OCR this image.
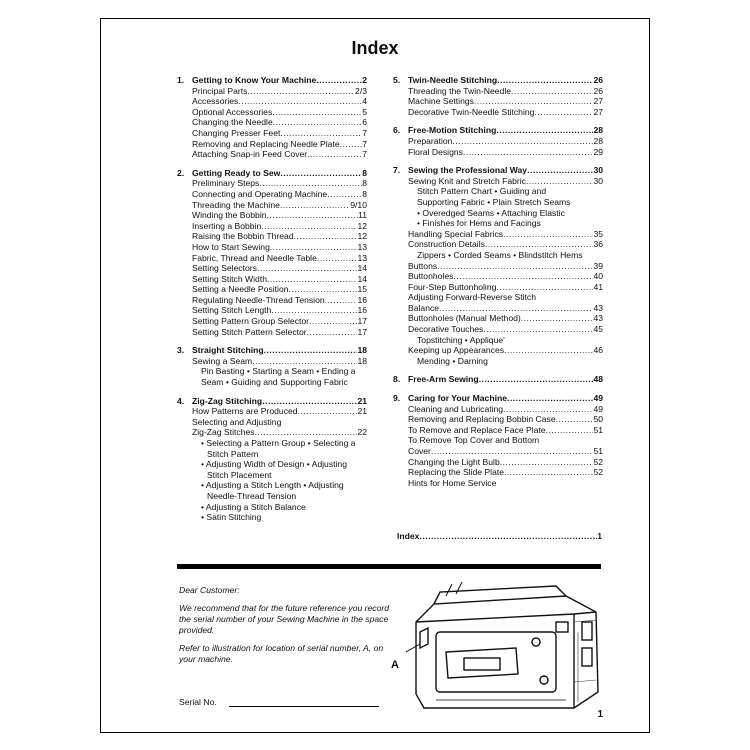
Index
1. Getting to Know Your Machine .....	2
Principal Parts .....	2/3
Accessories .....	4
Optional Accessories .....	5
Changing the Needle .....	6
Changing Presser Feet .....	7
Removing and Replacing Needle Plate .....	7
Attaching Snap-in Feed Cover .....	7
2. Getting Ready to Sew .....	8
Preliminary Steps .....	8
Connecting and Operating Machine .....	8
Threading the Machine .....	9/10
Winding the Bobbin .....	11
Inserting a Bobbin .....	12
Raising the Bobbin Thread .....	12
How to Start Sewing .....	13
Fabric, Thread and Needle Table .....	13
Setting Selectors .....	14
Setting Stitch Width .....	14
Setting a Needle Position .....	15
Regulating Needle-Thread Tension .....	16
Setting Stitch Length .....	16
Setting Pattern Group Selector .....	17
Setting Stitch Pattern Selector .....	17
3. Straight Stitching .....	18
Sewing a Seam .....	18
Pin Basting • Starting a Seam • Ending a
Seam • Guiding and Supporting Fabric
4. Zig-Zag Stitching .....	21
How Patterns are Produced .....	21
Selecting and Adjusting
Zig-Zag Stitches .....	22
• Selecting a Pattern Group • Selecting a
Stitch Pattern
• Adjusting Width of Design • Adjusting
Stitch Placement
• Adjusting a Stitch Length • Adjusting
Needle-Thread Tension
• Adjusting a Stitch Balance
• Satin Stitching
5. Twin-Needle Stitching .....	26
Threading the Twin-Needle .....	26
Machine Settings .....	27
Decorative Twin-Needle Stitching .....	27
6. Free-Motion Stitching .....	28
Preparation .....	28
Floral Designs .....	29
7. Sewing the Professional Way .....	30
Sewing Knit and Stretch Fabric .....	30
Stitch Pattern Chart • Guiding and
Supporting Fabric • Plain Stretch Seams
• Overedged Seams • Attaching Elastic
• Finishes for Hems and Facings
Handling Special Fabrics .....	35
Construction Details .....	36
Zippers • Corded Seams • Blindstitch Hems
Buttons .....	39
Buttonholes .....	40
Four-Step Buttonholing .....	41
Adjusting Forward-Reverse Stitch
Balance .....	43
Buttonholes (Manual Method) .....	43
Decorative Touches .....	45
Topstitching • Applique'
Keeping up Appearances .....	46
Mending • Darning
8. Free-Arm Sewing .....	48
9. Caring for Your Machine .....	49
Cleaning and Lubricating .....	49
Removing and Replacing Bobbin Case .....	50
To Remove and Replace Face Plate .....	51
To Remove Top Cover and Bottom
Cover .....	51
Changing the Light Bulb .....	52
Replacing the Slide Plate .....	52
Hints for Home Service
Index .....	1

Dear Customer:

We recommend that for the future reference you record the serial number of your Sewing Machine in the space provided.

Refer to illustration for location of serial number, A, on your machine.

Serial No.
A
1
